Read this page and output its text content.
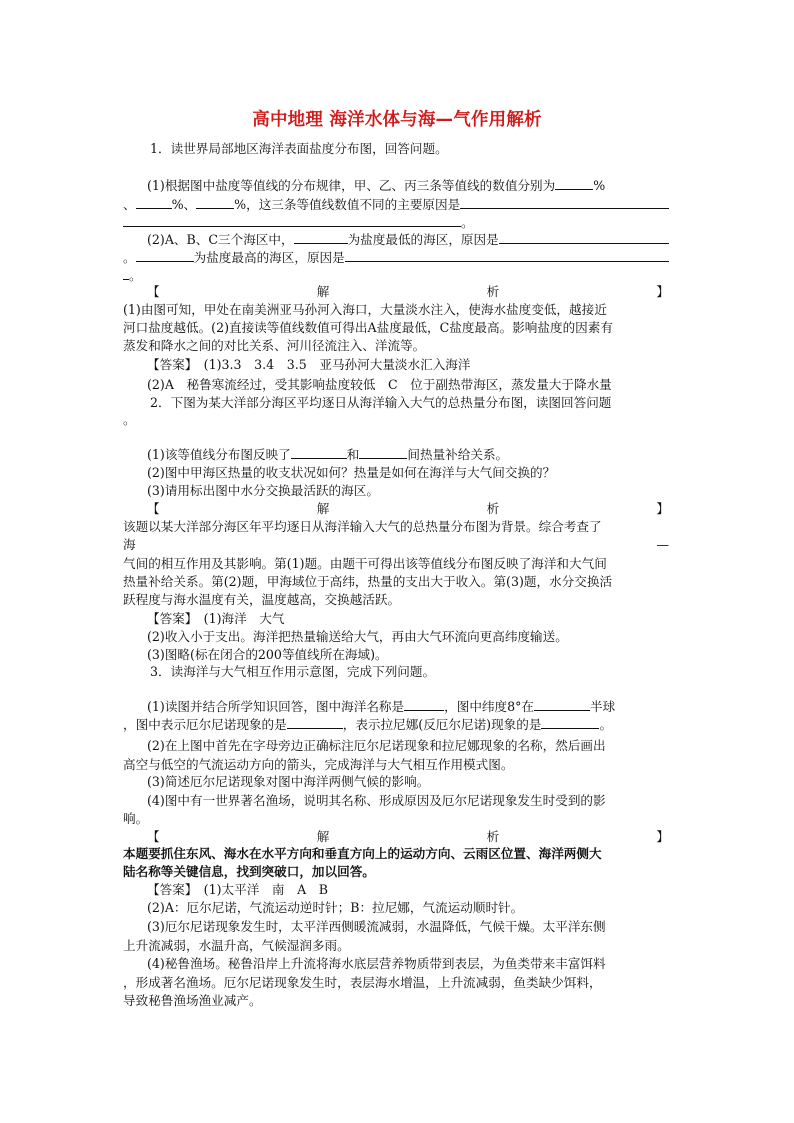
高中地理 海洋水体与海—气作用解析
1．读世界局部地区海洋表面盐度分布图，回答问题。
(1)根据图中盐度等值线的分布规律，甲、乙、丙三条等值线的数值分别为	%
、	%、	%，这三条等值线数值不同的主要原因是
。
(2)A、B、C三个海区中，	为盐度最低的海区，原因是
。	为盐度最高的海区，原因是
。
【	解	析	】
(1)由图可知，甲处在南美洲亚马孙河入海口，大量淡水注入，使海水盐度变低，越接近
河口盐度越低。(2)直接读等值线数值可得出A盐度最低，C盐度最高。影响盐度的因素有
蒸发和降水之间的对比关系、河川径流注入、洋流等。
【答案】　(1)3.3　3.4　3.5　亚马孙河大量淡水汇入海洋
(2)A　秘鲁寒流经过，受其影响盐度较低　C　位于副热带海区，蒸发量大于降水量
2．下图为某大洋部分海区平均逐日从海洋输入大气的总热量分布图，读图回答问题
。
(1)该等值线分布图反映了	和	间热量补给关系。
(2)图中甲海区热量的收支状况如何？热量是如何在海洋与大气间交换的？
(3)请用标出图中水分交换最活跃的海区。
【	解	析	】
该题以某大洋部分海区年平均逐日从海洋输入大气的总热量分布图为背景。综合考查了
海	—
气间的相互作用及其影响。第(1)题。由题干可得出该等值线分布图反映了海洋和大气间
热量补给关系。第(2)题，甲海域位于高纬，热量的支出大于收入。第(3)题，水分交换活
跃程度与海水温度有关，温度越高，交换越活跃。
【答案】　(1)海洋　大气
(2)收入小于支出。海洋把热量输送给大气，再由大气环流向更高纬度输送。
(3)图略(标在闭合的200等值线所在海域)。
3．读海洋与大气相互作用示意图，完成下列问题。
(1)读图并结合所学知识回答，图中海洋名称是	，图中纬度8°在	半球
，图中表示厄尔尼诺现象的是	，表示拉尼娜(反厄尔尼诺)现象的是	。
(2)在上图中首先在字母旁边正确标注厄尔尼诺现象和拉尼娜现象的名称，然后画出
高空与低空的气流运动方向的箭头，完成海洋与大气相互作用模式图。
(3)简述厄尔尼诺现象对图中海洋两侧气候的影响。
(4)图中有一世界著名渔场，说明其名称、形成原因及厄尔尼诺现象发生时受到的影
响。
【	解	析	】
本题要抓住东风、海水在水平方向和垂直方向上的运动方向、云雨区位置、海洋两侧大
陆名称等关键信息，找到突破口，加以回答。
【答案】　(1)太平洋　南　A　B
(2)A：厄尔尼诺，气流运动逆时针；B：拉尼娜，气流运动顺时针。
(3)厄尔尼诺现象发生时，太平洋西侧暖流减弱，水温降低，气候干燥。太平洋东侧
上升流减弱，水温升高，气候湿润多雨。
(4)秘鲁渔场。秘鲁沿岸上升流将海水底层营养物质带到表层，为鱼类带来丰富饵料
，形成著名渔场。厄尔尼诺现象发生时，表层海水增温，上升流减弱，鱼类缺少饵料，
导致秘鲁渔场渔业减产。
